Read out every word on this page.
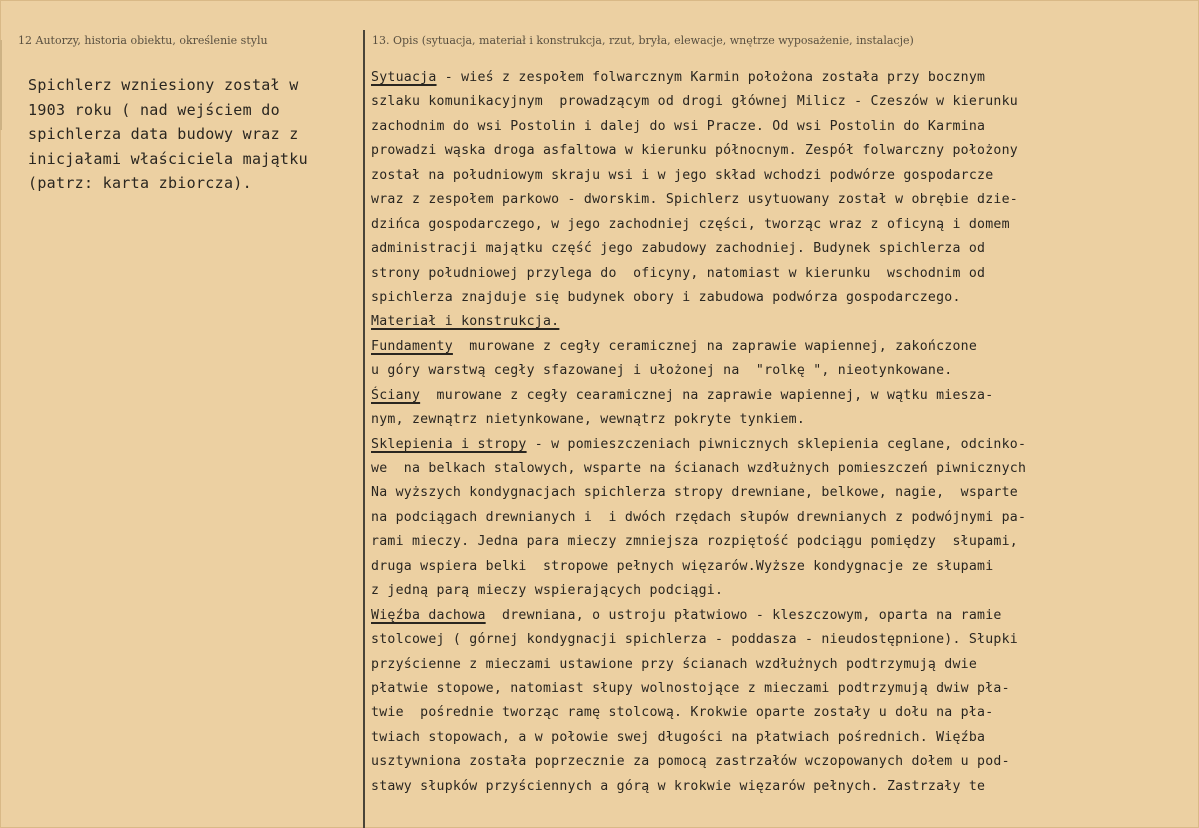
12 Autorzy, historia obiektu, określenie stylu	13. Opis (sytuacja, materiał i konstrukcja, rzut, bryła, elewacje, wnętrze wyposażenie, instalacje)
Spichlerz wzniesiony został w
1903 roku ( nad wejściem do
spichlerza data budowy wraz z
inicjałami właściciela majątku
(patrz: karta zbiorcza).
Sytuacja - wieś z zespołem folwarcznym Karmin położona została przy bocznym
szlaku komunikacyjnym  prowadzącym od drogi głównej Milicz - Czeszów w kierunku
zachodnim do wsi Postolin i dalej do wsi Pracze. Od wsi Postolin do Karmina
prowadzi wąska droga asfaltowa w kierunku północnym. Zespół folwarczny położony
został na południowym skraju wsi i w jego skład wchodzi podwórze gospodarcze
wraz z zespołem parkowo - dworskim. Spichlerz usytuowany został w obrębie dzie-
dzińca gospodarczego, w jego zachodniej części, tworząc wraz z oficyną i domem
administracji majątku część jego zabudowy zachodniej. Budynek spichlerza od
strony południowej przylega do  oficyny, natomiast w kierunku  wschodnim od
spichlerza znajduje się budynek obory i zabudowa podwórza gospodarczego.
Materiał i konstrukcja.
Fundamenty  murowane z cegły ceramicznej na zaprawie wapiennej, zakończone
u góry warstwą cegły sfazowanej i ułożonej na  "rolkę ", nieotynkowane.
Ściany  murowane z cegły cearamicznej na zaprawie wapiennej, w wątku miesza-
nym, zewnątrz nietynkowane, wewnątrz pokryte tynkiem.
Sklepienia i stropy - w pomieszczeniach piwnicznych sklepienia ceglane, odcinko-
we  na belkach stalowych, wsparte na ścianach wzdłużnych pomieszczeń piwnicznych
Na wyższych kondygnacjach spichlerza stropy drewniane, belkowe, nagie,  wsparte
na podciągach drewnianych i  i dwóch rzędach słupów drewnianych z podwójnymi pa-
rami mieczy. Jedna para mieczy zmniejsza rozpiętość podciągu pomiędzy  słupami,
druga wspiera belki  stropowe pełnych więzarów.Wyższe kondygnacje ze słupami
z jedną parą mieczy wspierających podciągi.
Więźba dachowa  drewniana, o ustroju płatwiowo - kleszczowym, oparta na ramie
stolcowej ( górnej kondygnacji spichlerza - poddasza - nieudostępnione). Słupki
przyścienne z mieczami ustawione przy ścianach wzdłużnych podtrzymują dwie
płatwie stopowe, natomiast słupy wolnostojące z mieczami podtrzymują dwiw pła-
twie  pośrednie tworząc ramę stolcową. Krokwie oparte zostały u dołu na pła-
twiach stopowach, a w połowie swej długości na płatwiach pośrednich. Więźba
usztywniona została poprzecznie za pomocą zastrzałów wczopowanych dołem u pod-
stawy słupków przyściennych a górą w krokwie więzarów pełnych. Zastrzały te
